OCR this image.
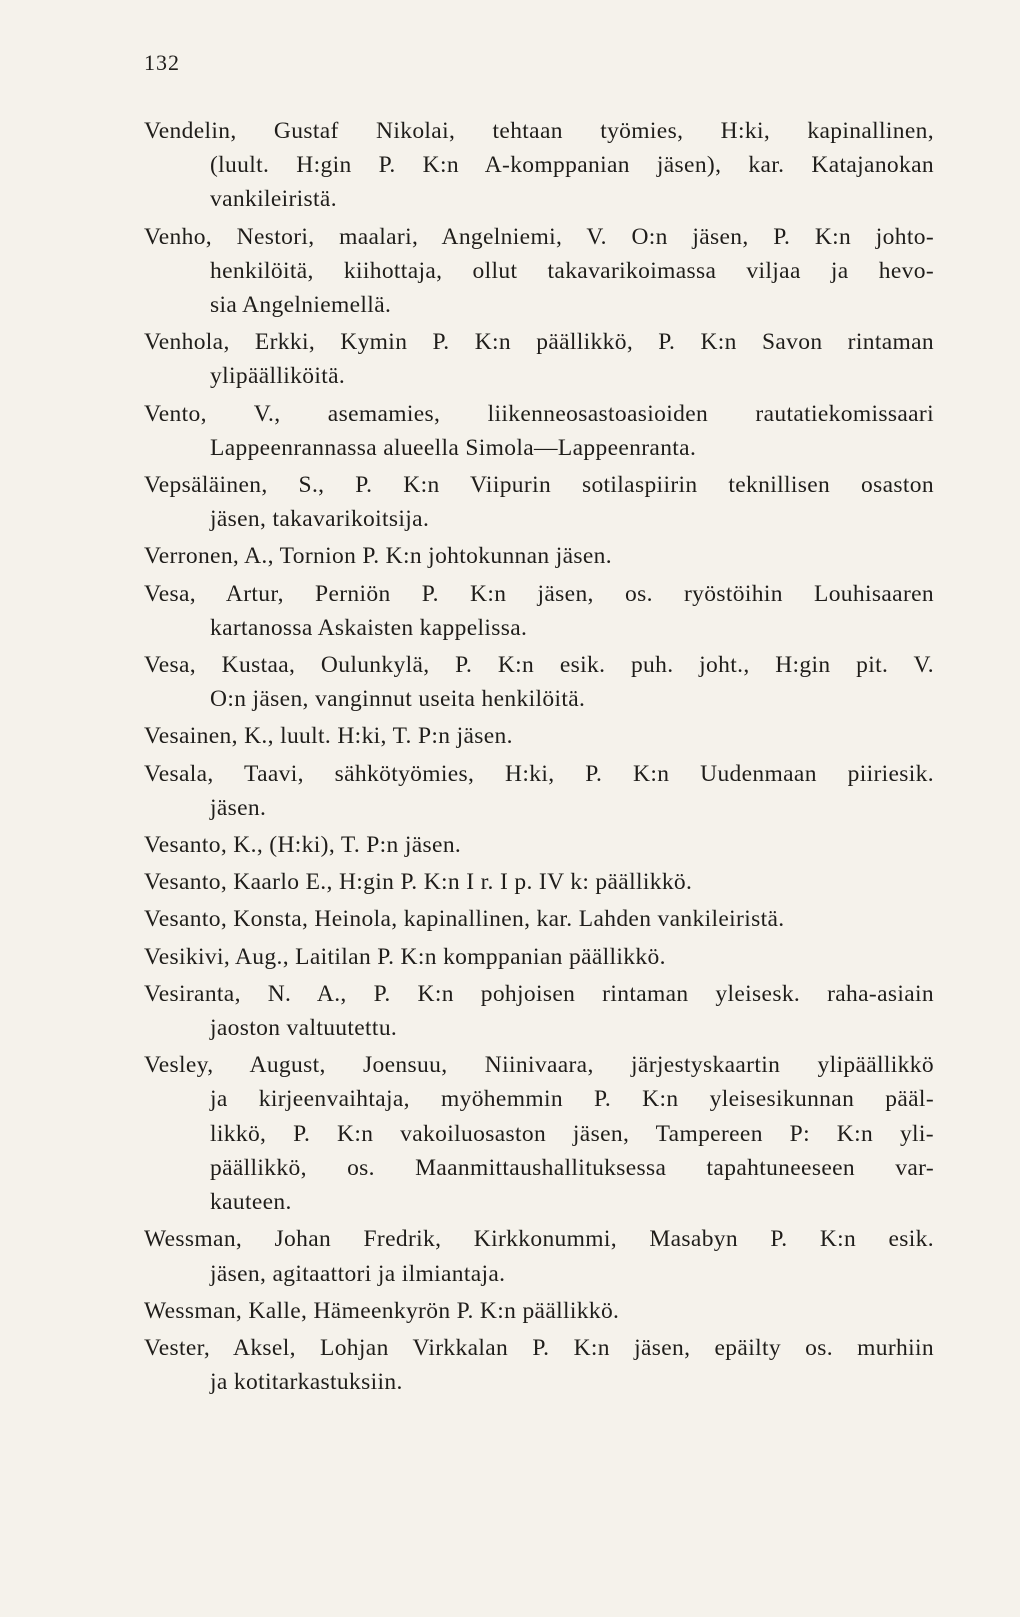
132
Vendelin, Gustaf Nikolai, tehtaan työmies, H:ki, kapinallinen,
(luult. H:gin P. K:n A-komppanian jäsen), kar. Katajanokan
vankileiristä.
Venho, Nestori, maalari, Angelniemi, V. O:n jäsen, P. K:n johto-
henkilöitä, kiihottaja, ollut takavarikoimassa viljaa ja hevo-
sia Angelniemellä.
Venhola, Erkki, Kymin P. K:n päällikkö, P. K:n Savon rintaman
ylipäälliköitä.
Vento, V., asemamies, liikenneosastoasioiden rautatiekomissaari
Lappeenrannassa alueella Simola—Lappeenranta.
Vepsäläinen, S., P. K:n Viipurin sotilaspiirin teknillisen osaston
jäsen, takavarikoitsija.
Verronen, A., Tornion P. K:n johtokunnan jäsen.
Vesa, Artur, Perniön P. K:n jäsen, os. ryöstöihin Louhisaaren
kartanossa Askaisten kappelissa.
Vesa, Kustaa, Oulunkylä, P. K:n esik. puh. joht., H:gin pit. V.
O:n jäsen, vanginnut useita henkilöitä.
Vesainen, K., luult. H:ki, T. P:n jäsen.
Vesala, Taavi, sähkötyömies, H:ki, P. K:n Uudenmaan piiriesik.
jäsen.
Vesanto, K., (H:ki), T. P:n jäsen.
Vesanto, Kaarlo E., H:gin P. K:n I r. I p. IV k: päällikkö.
Vesanto, Konsta, Heinola, kapinallinen, kar. Lahden vankileiristä.
Vesikivi, Aug., Laitilan P. K:n komppanian päällikkö.
Vesiranta, N. A., P. K:n pohjoisen rintaman yleisesk. raha-asiain
jaoston valtuutettu.
Vesley, August, Joensuu, Niinivaara, järjestyskaartin ylipäällikkö
ja kirjeenvaihtaja, myöhemmin P. K:n yleisesikunnan pääl-
likkö, P. K:n vakoiluosaston jäsen, Tampereen P: K:n yli-
päällikkö, os. Maanmittaushallituksessa tapahtuneeseen var-
kauteen.
Wessman, Johan Fredrik, Kirkkonummi, Masabyn P. K:n esik.
jäsen, agitaattori ja ilmiantaja.
Wessman, Kalle, Hämeenkyrön P. K:n päällikkö.
Vester, Aksel, Lohjan Virkkalan P. K:n jäsen, epäilty os. murhiin
ja kotitarkastuksiin.
